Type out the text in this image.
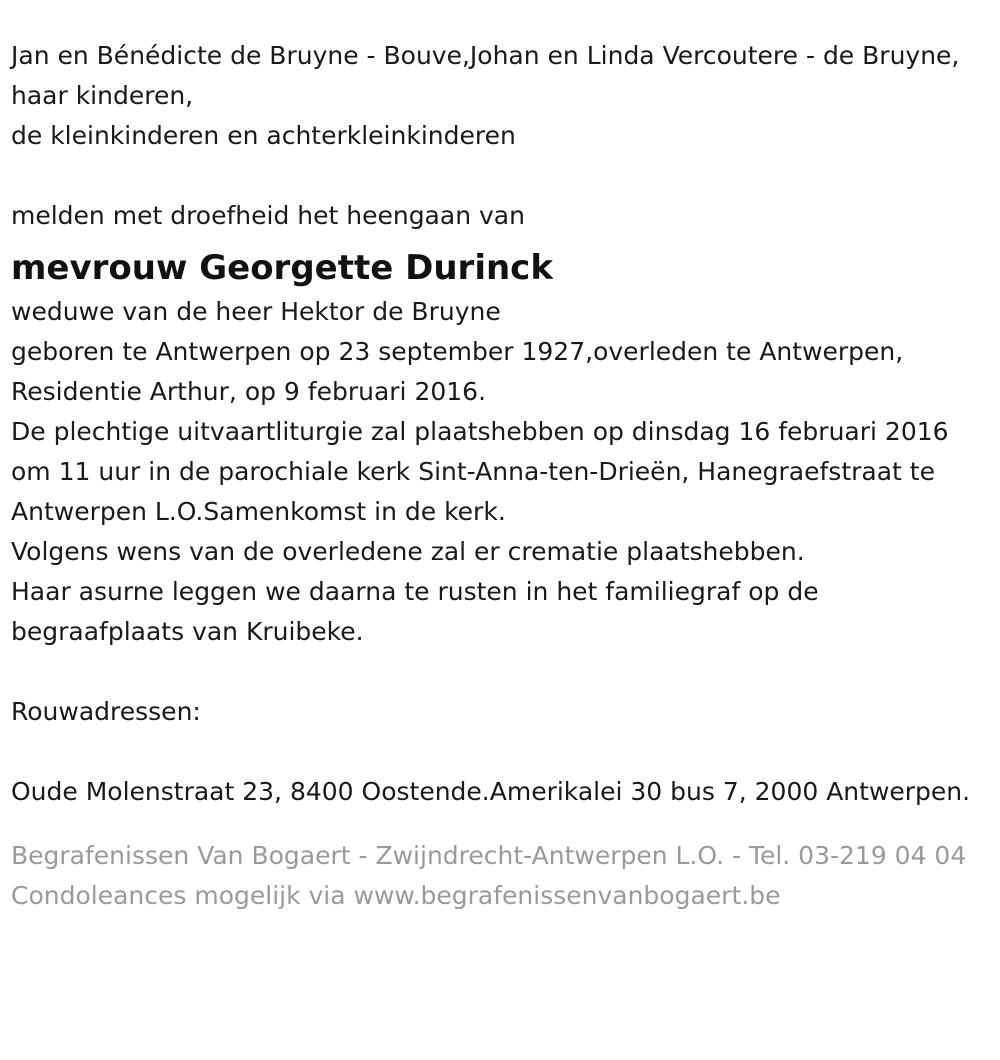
Jan en Bénédicte de Bruyne - Bouve,Johan en Linda Vercoutere - de Bruyne,

haar kinderen,

de kleinkinderen en achterkleinkinderen

melden met droefheid het heengaan van

mevrouw Georgette Durinck

weduwe van de heer Hektor de Bruyne

geboren te Antwerpen op 23 september 1927,overleden te Antwerpen, Residentie Arthur, op 9 februari 2016.

De plechtige uitvaartliturgie zal plaatshebben op dinsdag 16 februari 2016 om 11 uur in de parochiale kerk Sint-Anna-ten-Drieën, Hanegraefstraat te Antwerpen L.O.Samenkomst in de kerk.

Volgens wens van de overledene zal er crematie plaatshebben.

Haar asurne leggen we daarna te rusten in het familiegraf op de begraafplaats van Kruibeke.

Rouwadressen:

Oude Molenstraat 23, 8400 Oostende.Amerikalei 30 bus 7, 2000 Antwerpen.

Begrafenissen Van Bogaert - Zwijndrecht-Antwerpen L.O. - Tel. 03-219 04 04 Condoleances mogelijk via www.begrafenissenvanbogaert.be
